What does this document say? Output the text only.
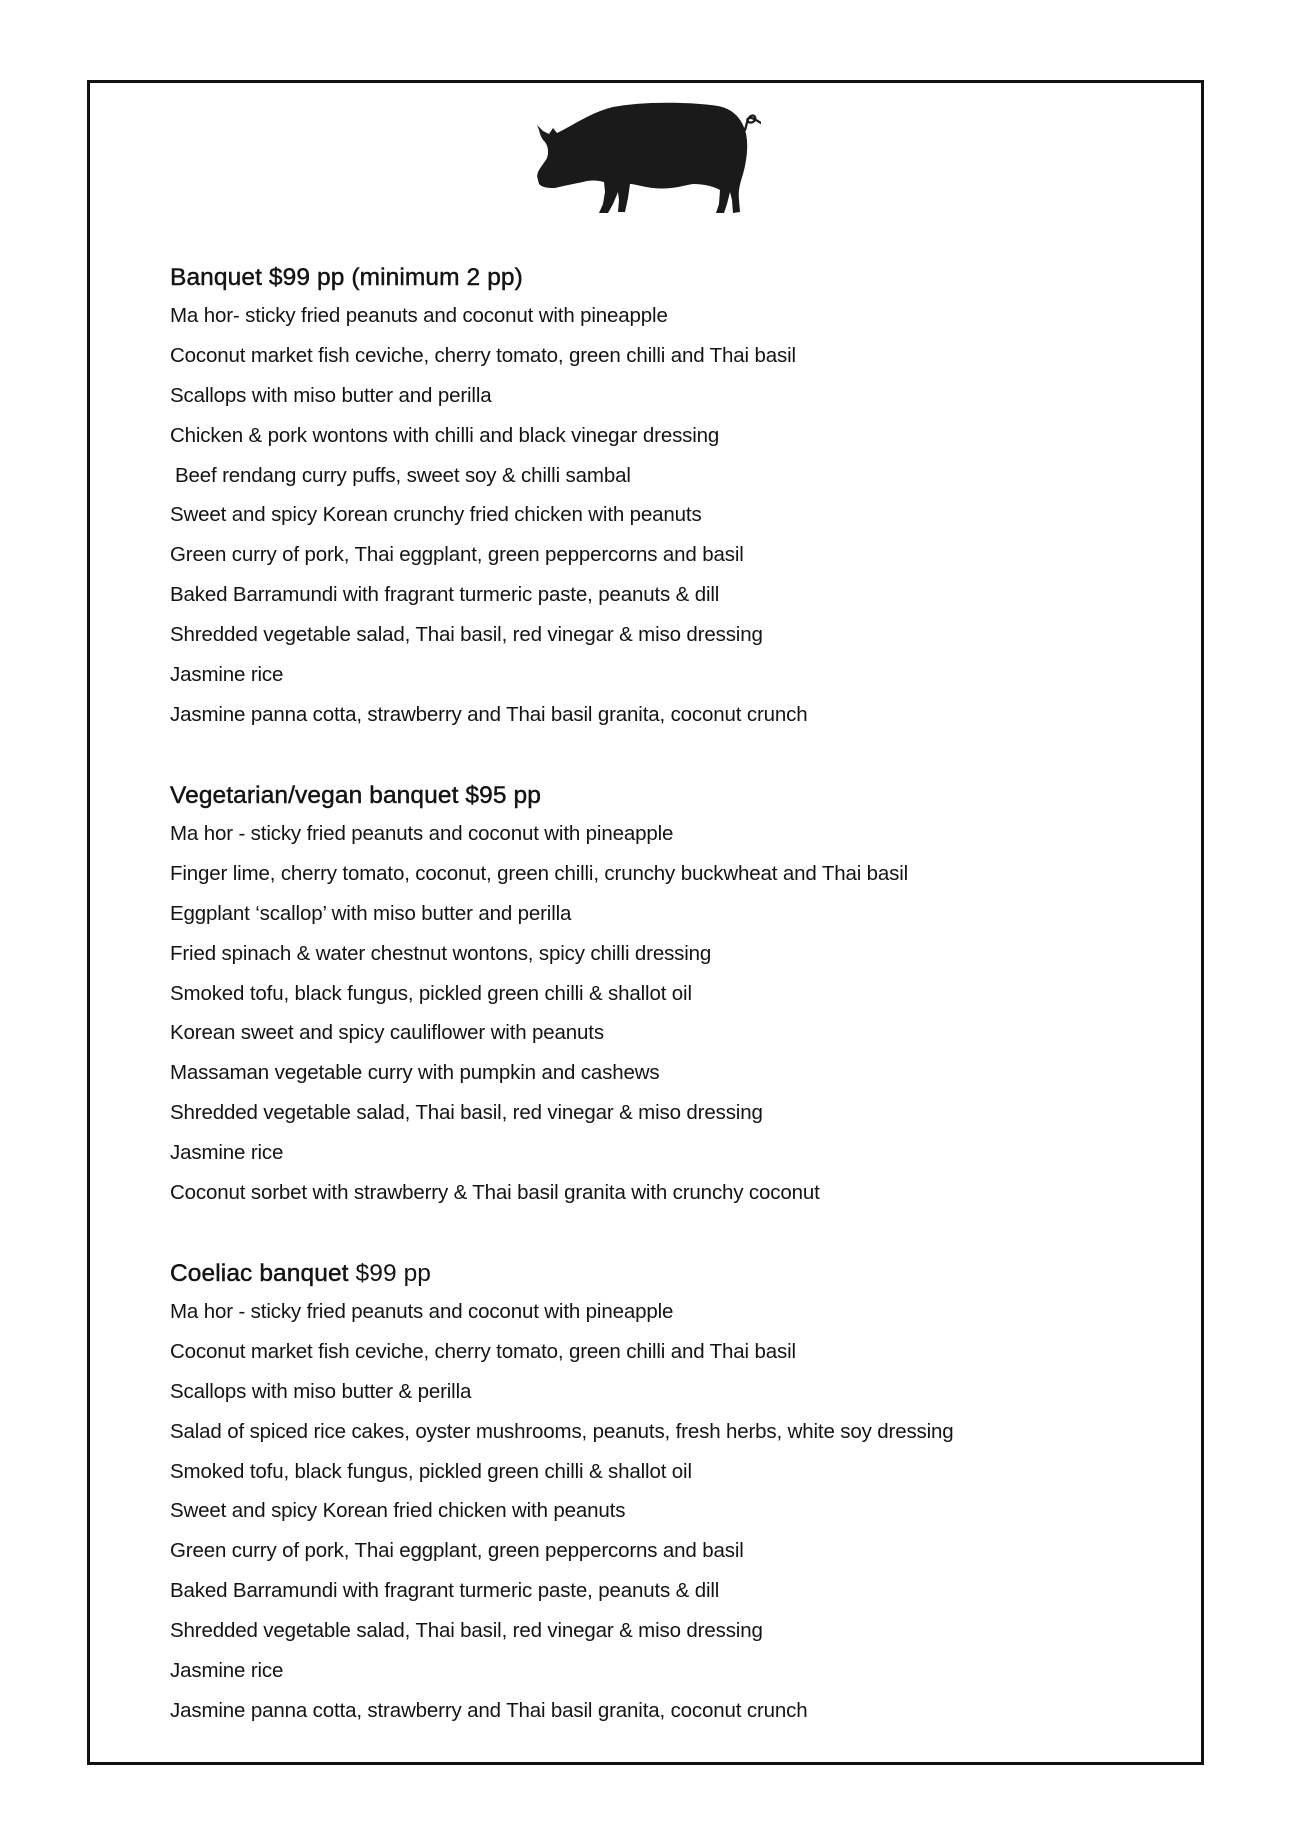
Banquet $99 pp (minimum 2 pp)
Ma hor- sticky fried peanuts and coconut with pineapple
Coconut market fish ceviche, cherry tomato, green chilli and Thai basil
Scallops with miso butter and perilla
Chicken & pork wontons with chilli and black vinegar dressing
Beef rendang curry puffs, sweet soy & chilli sambal
Sweet and spicy Korean crunchy fried chicken with peanuts
Green curry of pork, Thai eggplant, green peppercorns and basil
Baked Barramundi with fragrant turmeric paste, peanuts & dill
Shredded vegetable salad, Thai basil, red vinegar & miso dressing
Jasmine rice
Jasmine panna cotta, strawberry and Thai basil granita, coconut crunch
Vegetarian/vegan banquet $95 pp
Ma hor - sticky fried peanuts and coconut with pineapple
Finger lime, cherry tomato, coconut, green chilli, crunchy buckwheat and Thai basil
Eggplant ‘scallop’ with miso butter and perilla
Fried spinach & water chestnut wontons, spicy chilli dressing
Smoked tofu, black fungus, pickled green chilli & shallot oil
Korean sweet and spicy cauliflower with peanuts
Massaman vegetable curry with pumpkin and cashews
Shredded vegetable salad, Thai basil, red vinegar & miso dressing
Jasmine rice
Coconut sorbet with strawberry & Thai basil granita with crunchy coconut
Coeliac banquet $99 pp
Ma hor - sticky fried peanuts and coconut with pineapple
Coconut market fish ceviche, cherry tomato, green chilli and Thai basil
Scallops with miso butter & perilla
Salad of spiced rice cakes, oyster mushrooms, peanuts, fresh herbs, white soy dressing
Smoked tofu, black fungus, pickled green chilli & shallot oil
Sweet and spicy Korean fried chicken with peanuts
Green curry of pork, Thai eggplant, green peppercorns and basil
Baked Barramundi with fragrant turmeric paste, peanuts & dill
Shredded vegetable salad, Thai basil, red vinegar & miso dressing
Jasmine rice
Jasmine panna cotta, strawberry and Thai basil granita, coconut crunch
